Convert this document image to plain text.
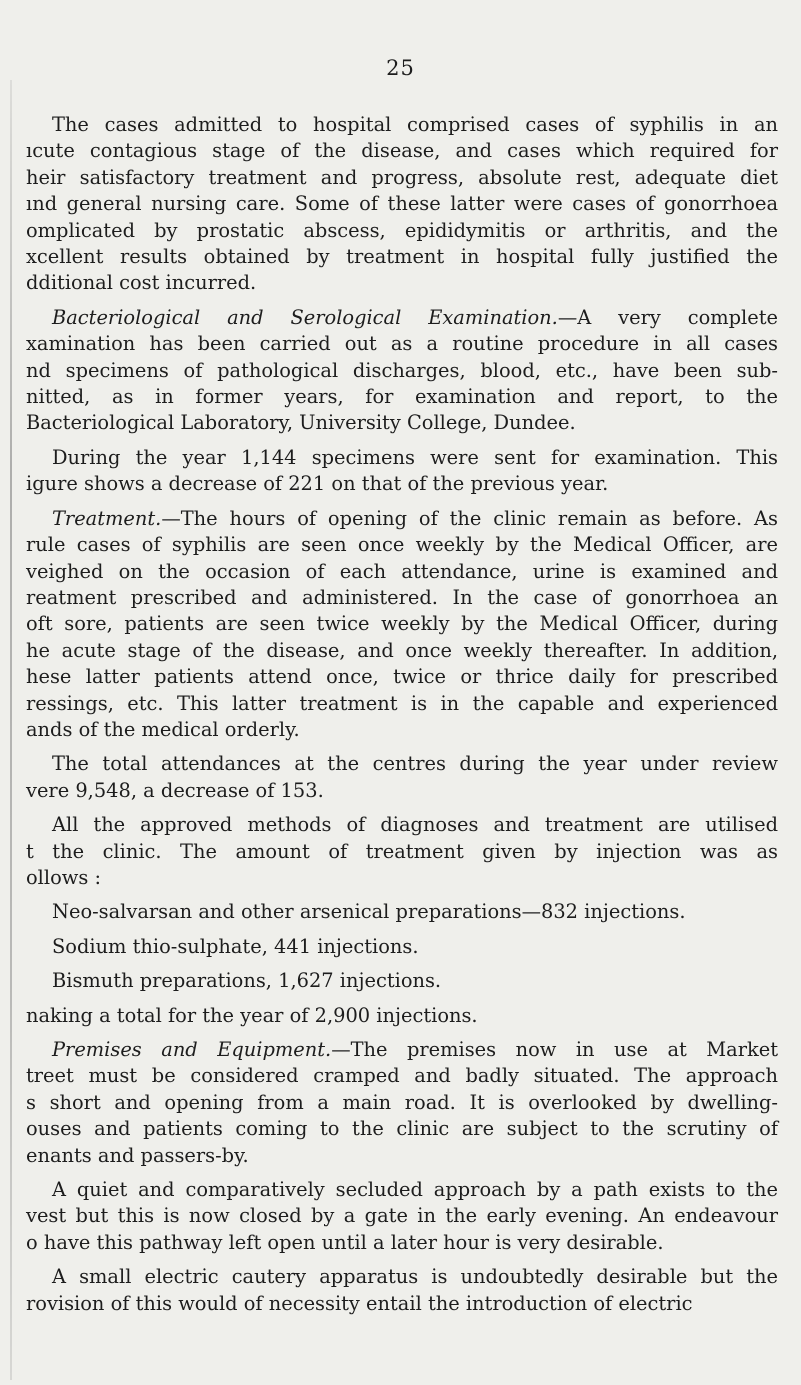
25
The cases admitted to hospital comprised cases of syphilis in an
ıcute contagious stage of the disease, and cases which required for
heir satisfactory treatment and progress, absolute rest, adequate diet
ınd general nursing care. Some of these latter were cases of gonorrhoea
omplicated by prostatic abscess, epididymitis or arthritis, and the
xcellent results obtained by treatment in hospital fully justified the
dditional cost incurred.
Bacteriological and Serological Examination.—A very complete
xamination has been carried out as a routine procedure in all cases
nd specimens of pathological discharges, blood, etc., have been sub-
nitted, as in former years, for examination and report, to the
Bacteriological Laboratory, University College, Dundee.
During the year 1,144 specimens were sent for examination. This
igure shows a decrease of 221 on that of the previous year.
Treatment.—The hours of opening of the clinic remain as before. As
rule cases of syphilis are seen once weekly by the Medical Officer, are
veighed on the occasion of each attendance, urine is examined and
reatment prescribed and administered. In the case of gonorrhoea an
oft sore, patients are seen twice weekly by the Medical Officer, during
he acute stage of the disease, and once weekly thereafter. In addition,
hese latter patients attend once, twice or thrice daily for prescribed
ressings, etc. This latter treatment is in the capable and experienced
ands of the medical orderly.
The total attendances at the centres during the year under review
vere 9,548, a decrease of 153.
All the approved methods of diagnoses and treatment are utilised
t the clinic. The amount of treatment given by injection was as
ollows :
Neo-salvarsan and other arsenical preparations—832 injections.
Sodium thio-sulphate, 441 injections.
Bismuth preparations, 1,627 injections.
naking a total for the year of 2,900 injections.
Premises and Equipment.—The premises now in use at Market
treet must be considered cramped and badly situated. The approach
s short and opening from a main road. It is overlooked by dwelling-
ouses and patients coming to the clinic are subject to the scrutiny of
enants and passers-by.
A quiet and comparatively secluded approach by a path exists to the
vest but this is now closed by a gate in the early evening. An endeavour
o have this pathway left open until a later hour is very desirable.
A small electric cautery apparatus is undoubtedly desirable but the
rovision of this would of necessity entail the introduction of electric
